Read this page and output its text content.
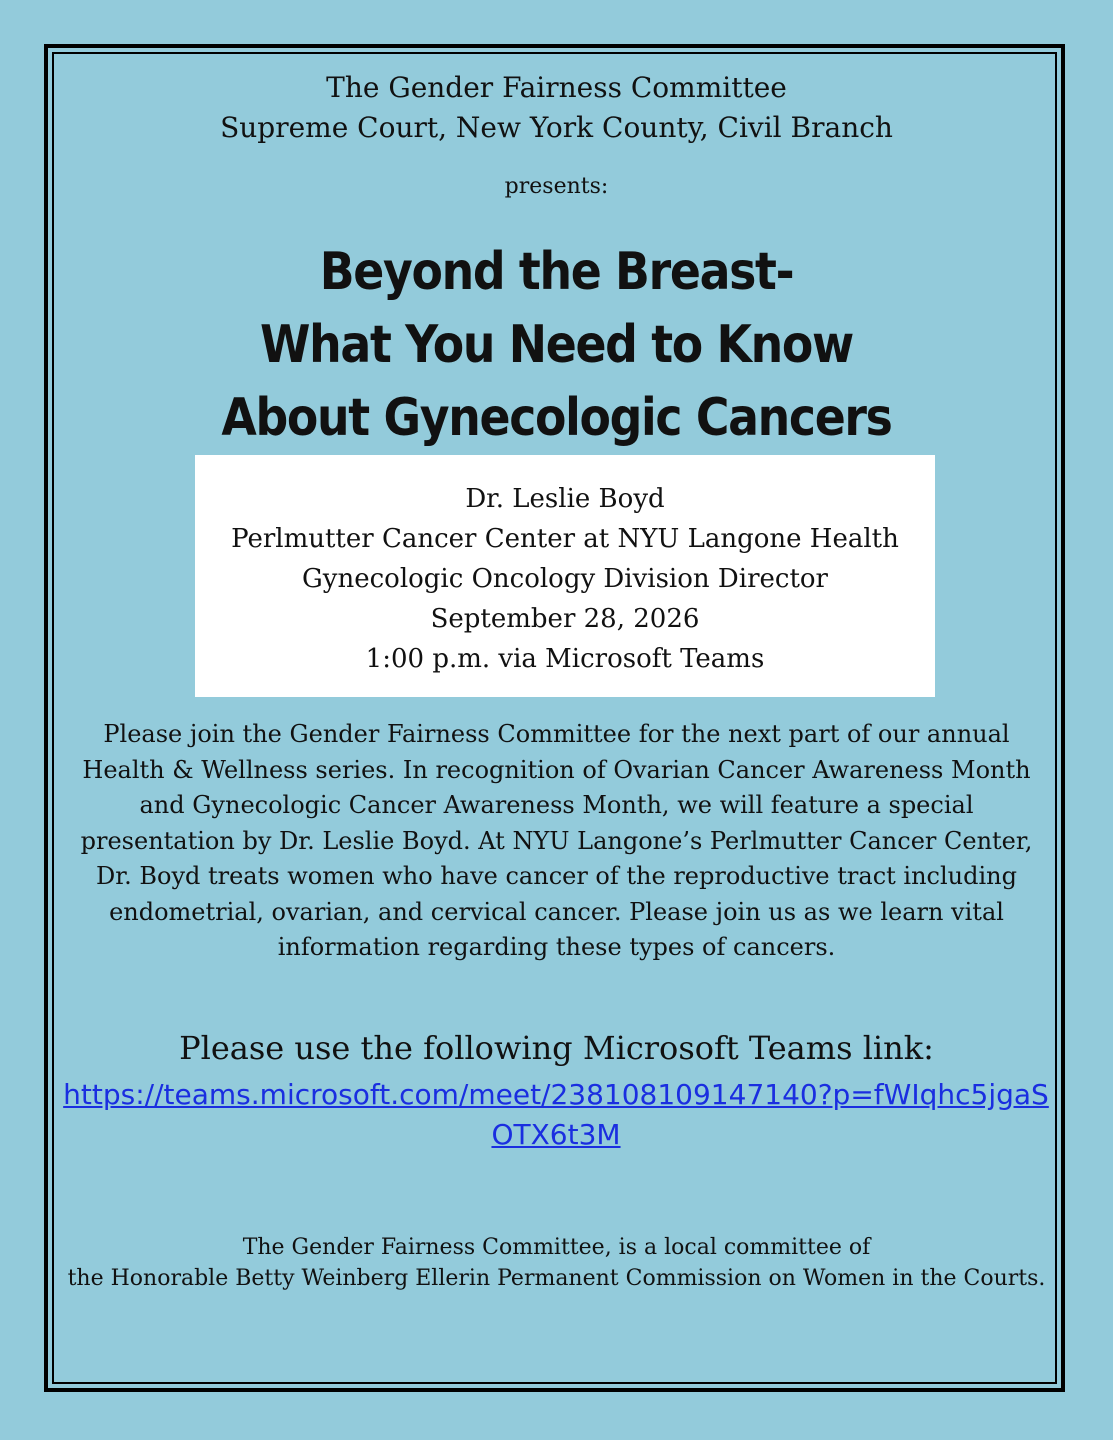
The Gender Fairness Committee
Supreme Court, New York County, Civil Branch
presents:
Beyond the Breast-
What You Need to Know
About Gynecologic Cancers
Dr. Leslie Boyd
Perlmutter Cancer Center at NYU Langone Health
Gynecologic Oncology Division Director
September 28, 2026
1:00 p.m. via Microsoft Teams
Please join the Gender Fairness Committee for the next part of our annual Health & Wellness series. In recognition of Ovarian Cancer Awareness Month and Gynecologic Cancer Awareness Month, we will feature a special presentation by Dr. Leslie Boyd. At NYU Langone’s Perlmutter Cancer Center, Dr. Boyd treats women who have cancer of the reproductive tract including endometrial, ovarian, and cervical cancer. Please join us as we learn vital information regarding these types of cancers.
Please use the following Microsoft Teams link:
https://teams.microsoft.com/meet/238108109147140?p=fWIqhc5jgaSOTX6t3M
The Gender Fairness Committee, is a local committee of
the Honorable Betty Weinberg Ellerin Permanent Commission on Women in the Courts.
